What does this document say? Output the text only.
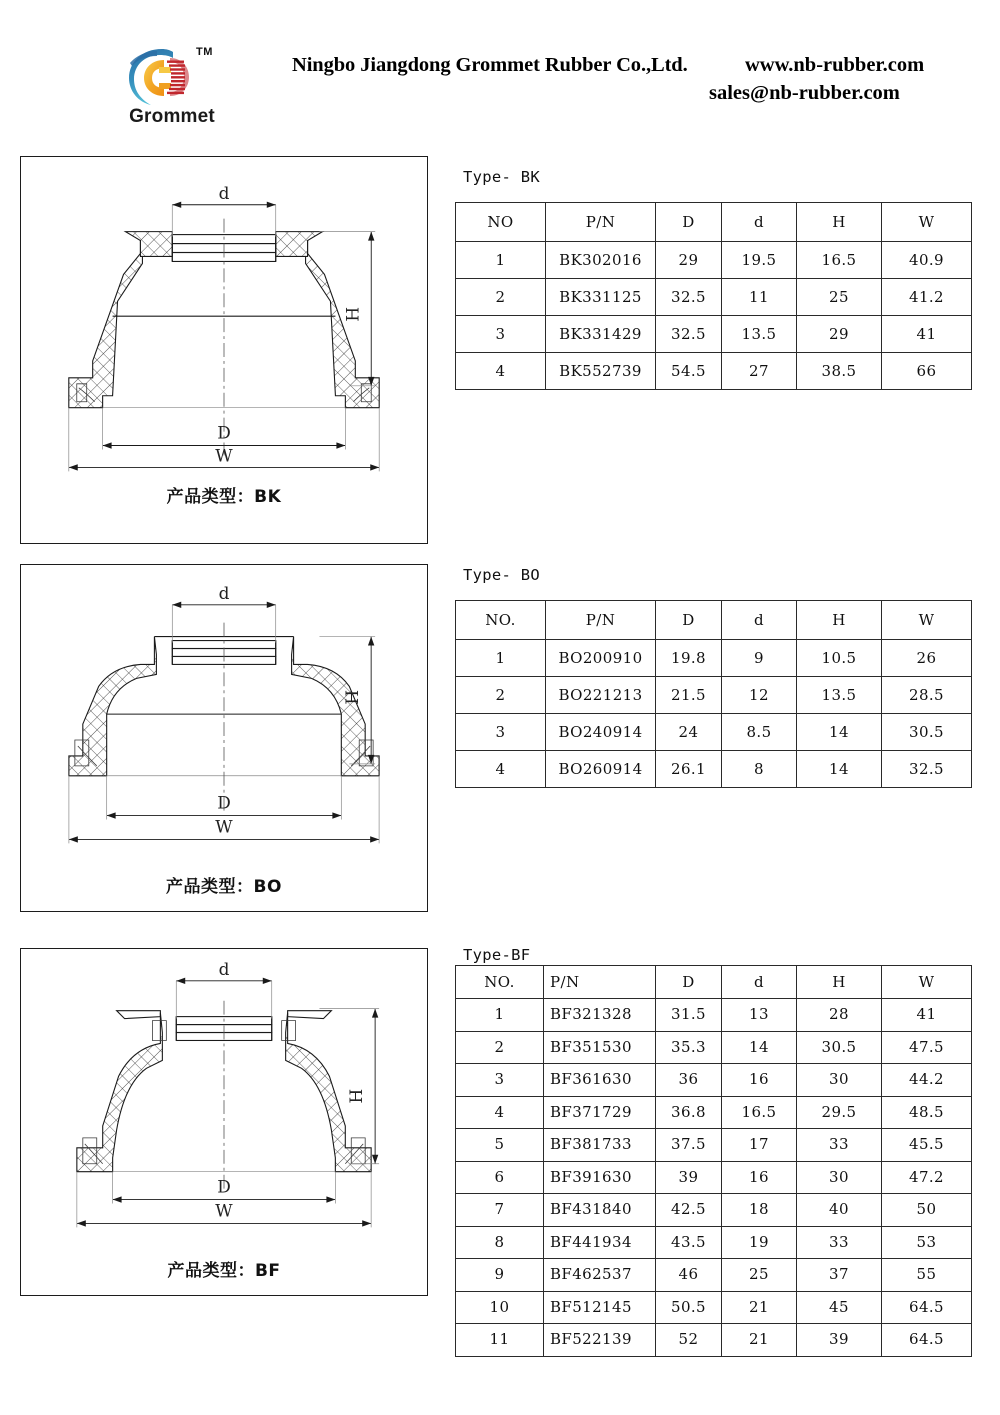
TM
Grommet
Ningbo Jiangdong Grommet Rubber Co.,Ltd.	www.nb-rubber.com
sales@nb-rubber.com
d
H
D
W
产品类型：BK
d
H
D
W
产品类型：BO
d
H
D
W
产品类型：BF
Type- BK
NO	P/N	D	d	H	W
1	BK302016	29	19.5	16.5	40.9
2	BK331125	32.5	11	25	41.2
3	BK331429	32.5	13.5	29	41
4	BK552739	54.5	27	38.5	66
Type- BO
NO.	P/N	D	d	H	W
1	BO200910	19.8	9	10.5	26
2	BO221213	21.5	12	13.5	28.5
3	BO240914	24	8.5	14	30.5
4	BO260914	26.1	8	14	32.5
Type-BF
NO.	P/N	D	d	H	W
1	BF321328	31.5	13	28	41
2	BF351530	35.3	14	30.5	47.5
3	BF361630	36	16	30	44.2
4	BF371729	36.8	16.5	29.5	48.5
5	BF381733	37.5	17	33	45.5
6	BF391630	39	16	30	47.2
7	BF431840	42.5	18	40	50
8	BF441934	43.5	19	33	53
9	BF462537	46	25	37	55
10	BF512145	50.5	21	45	64.5
11	BF522139	52	21	39	64.5
